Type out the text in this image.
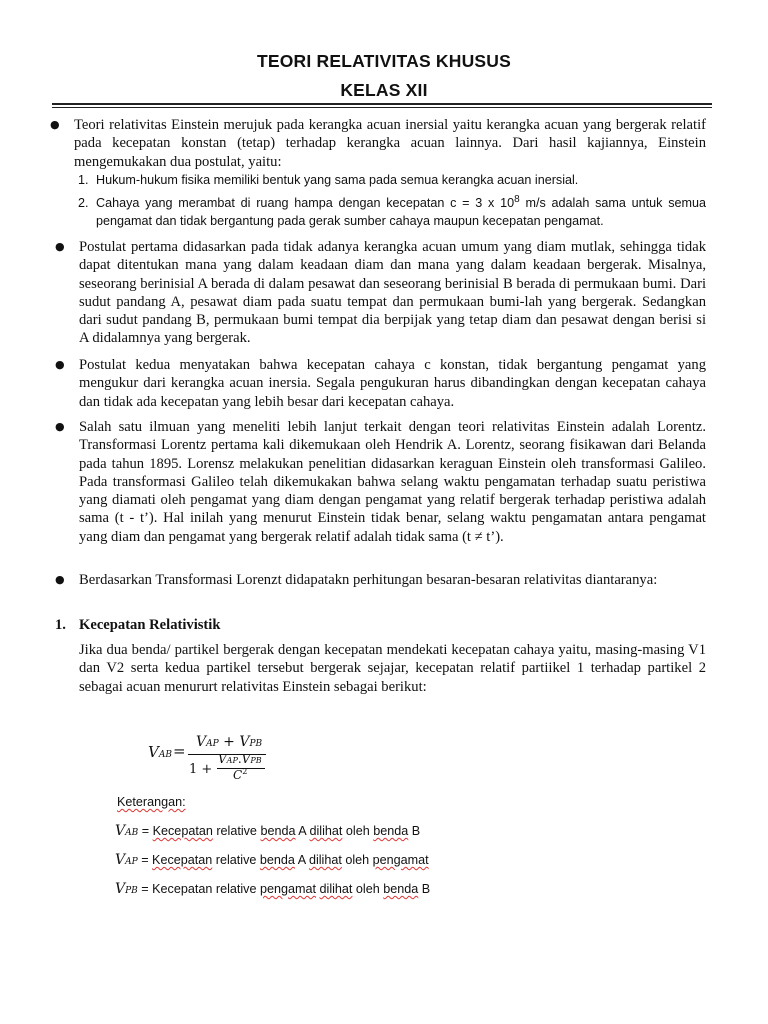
TEORI RELATIVITAS KHUSUS
KELAS XII
● Teori relativitas Einstein merujuk pada kerangka acuan inersial yaitu kerangka acuan yang bergerak relatif pada kecepatan konstan (tetap) terhadap kerangka acuan lainnya. Dari hasil kajiannya, Einstein mengemukakan dua postulat, yaitu:
1. Hukum-hukum fisika memiliki bentuk yang sama pada semua kerangka acuan inersial.
2. Cahaya yang merambat di ruang hampa dengan kecepatan c = 3 x $10^8$ m/s adalah sama untuk semua pengamat dan tidak bergantung pada gerak sumber cahaya maupun kecepatan pengamat.
● Postulat pertama didasarkan pada tidak adanya kerangka acuan umum yang diam mutlak, sehingga tidak dapat ditentukan mana yang dalam keadaan diam dan mana yang dalam keadaan bergerak. Misalnya, seseorang berinisial A berada di dalam pesawat dan seseorang berinisial B berada di permukaan bumi. Dari sudut pandang A, pesawat diam pada suatu tempat dan permukaan bumi-lah yang bergerak. Sedangkan dari sudut pandang B, permukaan bumi tempat dia berpijak yang tetap diam dan pesawat dengan berisi si A didalamnya yang bergerak.
● Postulat kedua menyatakan bahwa kecepatan cahaya c konstan, tidak bergantung pengamat yang mengukur dari kerangka acuan inersia. Segala pengukuran harus dibandingkan dengan kecepatan cahaya dan tidak ada kecepatan yang lebih besar dari kecepatan cahaya.
● Salah satu ilmuan yang meneliti lebih lanjut terkait dengan teori relativitas Einstein adalah Lorentz. Transformasi Lorentz pertama kali dikemukaan oleh Hendrik A. Lorentz, seorang fisikawan dari Belanda pada tahun 1895. Lorensz melakukan penelitian didasarkan keraguan Einstein oleh transformasi Galileo. Pada transformasi Galileo telah dikemukakan bahwa selang waktu pengamatan terhadap suatu peristiwa yang diamati oleh pengamat yang diam dengan pengamat yang relatif bergerak terhadap peristiwa adalah sama (t - t’). Hal inilah yang menurut Einstein tidak benar, selang waktu pengamatan antara pengamat yang diam dan pengamat yang bergerak relatif adalah tidak sama (t ≠ t’).
● Berdasarkan Transformasi Lorenzt didapatakn perhitungan besaran-besaran relativitas diantaranya:
1. Kecepatan Relativistik
Jika dua benda/ partikel bergerak dengan kecepatan mendekati kecepatan cahaya yaitu, masing-masing V1 dan V2 serta kedua partikel tersebut bergerak sejajar, kecepatan relatif partiikel 1 terhadap partikel 2 sebagai acuan menururt relativitas Einstein sebagai berikut:
VAB = VAP + VPB
1 +
VAP.VPB
$C^2$
Keterangan:
VAB = Kecepatan relative benda A dilihat oleh benda B
VAP = Kecepatan relative benda A dilihat oleh pengamat
VPB = Kecepatan relative pengamat dilihat oleh benda B
